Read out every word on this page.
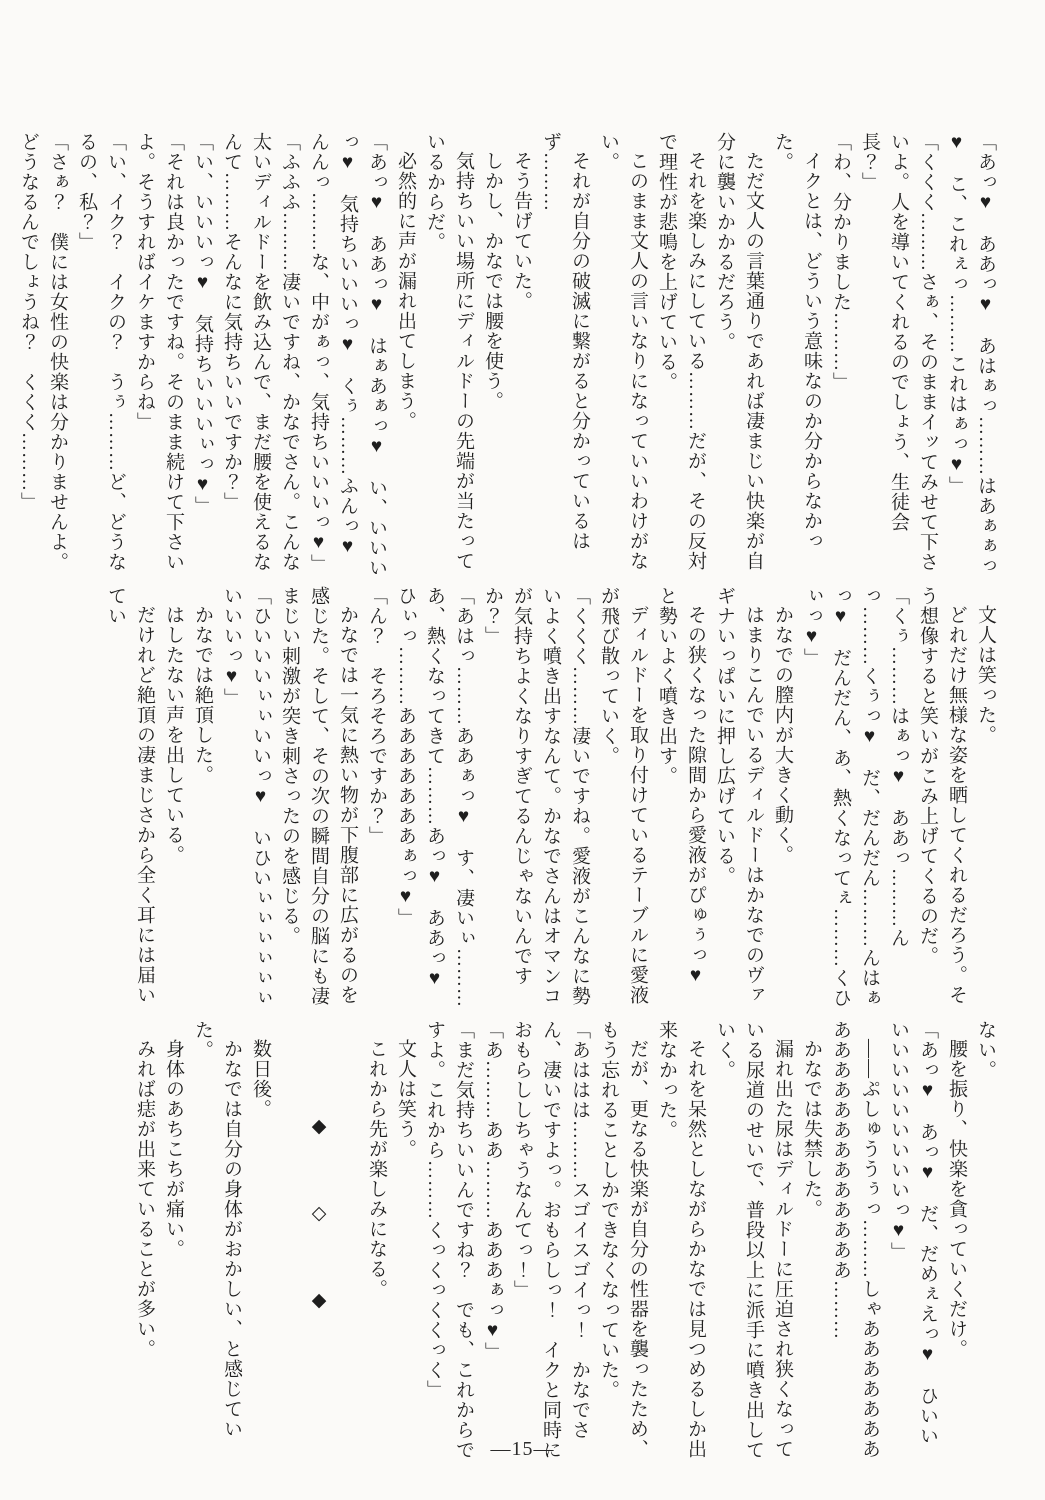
「あっ♥　ああっ♥　あはぁっ………はあぁぁっ♥　こ、これぇっ………これはぁっ♥」

「くくく………さぁ、そのままイッてみせて下さいよ。人を導いてくれるのでしょう、生徒会長？」

「わ、分かりました………」

イクとは、どういう意味なのか分からなかった。

ただ文人の言葉通りであれば凄まじい快楽が自分に襲いかかるだろう。

それを楽しみにしている………だが、その反対で理性が悲鳴を上げている。

このまま文人の言いなりになっていいわけがない。

それが自分の破滅に繋がると分かっているはず………

そう告げていた。

しかし、かなでは腰を使う。

気持ちいい場所にディルドーの先端が当たっているからだ。

必然的に声が漏れ出てしまう。

「あっ♥　ああっ♥　はぁあぁっ♥　い、いいいっ♥　気持ちいいいっ♥　くぅ………ふんっ♥　んんっ………な、中がぁっ、気持ちいいいっ♥」

「ふふふ………凄いですね、かなでさん。こんな太いディルドーを飲み込んで、まだ腰を使えるなんて………そんなに気持ちいいですか？」

「い、いいいっ♥　気持ちいいいぃっ♥」

「それは良かったですね。そのまま続けて下さいよ。そうすればイケますからね」

「い、イク？　イクの？　うぅ………ど、どうなるの、私？」

「さぁ？　僕には女性の快楽は分かりませんよ。どうなるんでしょうね？　くくく………」

文人は笑った。

どれだけ無様な姿を晒してくれるだろう。そう想像すると笑いがこみ上げてくるのだ。

「くぅ………はぁっ♥　ああっ………んっ………くぅっ♥　だ、だんだん………んはぁっ♥　だんだん、あ、熱くなってぇ………くひぃっ♥」

かなでの膣内が大きく動く。

はまりこんでいるディルドーはかなでのヴァギナいっぱいに押し広げている。

その狭くなった隙間から愛液がぴゅぅっ♥　と勢いよく噴き出す。

ディルドーを取り付けているテーブルに愛液が飛び散っていく。

「くくく………凄いですね。愛液がこんなに勢いよく噴き出すなんて。かなでさんはオマンコが気持ちよくなりすぎてるんじゃないんですか？」

「あはっ………ああぁっ♥　す、凄いぃ………あ、熱くなってきて………あっ♥　ああっ♥　ひぃっ………あああああああぁっ♥」

「ん？　そろそろですか？」

かなでは一気に熱い物が下腹部に広がるのを感じた。そして、その次の瞬間自分の脳にも凄まじい刺激が突き刺さったのを感じる。

「ひいいいぃぃいいっ♥　いひいぃぃぃぃぃぃいいいっ♥」

かなでは絶頂した。

はしたない声を出している。

だけれど絶頂の凄まじさから全く耳には届いてい

ない。

腰を振り、快楽を貪っていくだけ。

「あっ♥　あっ♥　だ、だめぇえっ♥　ひいいいいいいいいいいいっ♥」

――ぷしゅううぅっ………しゃああああああああああああああああああああ………

かなでは失禁した。

漏れ出た尿はディルドーに圧迫され狭くなっている尿道のせいで、普段以上に派手に噴き出していく。

それを呆然としながらかなでは見つめるしか出来なかった。

だが、更なる快楽が自分の性器を襲ったため、もう忘れることしかできなくなっていた。

「あははは………スゴイスゴイっ！　かなでさん、凄いですよっ。おもらしっ！　イクと同時におもらししちゃうなんてっ！」

「あ………ああ………あああぁっ♥」

「まだ気持ちいいんですね？　でも、これからですよ。これから………くっくっくくっく」

文人は笑う。

これから先が楽しみになる。

◆　　　◇　　　◆

数日後。

かなでは自分の身体がおかしい、と感じていた。

身体のあちこちが痛い。

みれば痣が出来ていることが多い。

―15―
